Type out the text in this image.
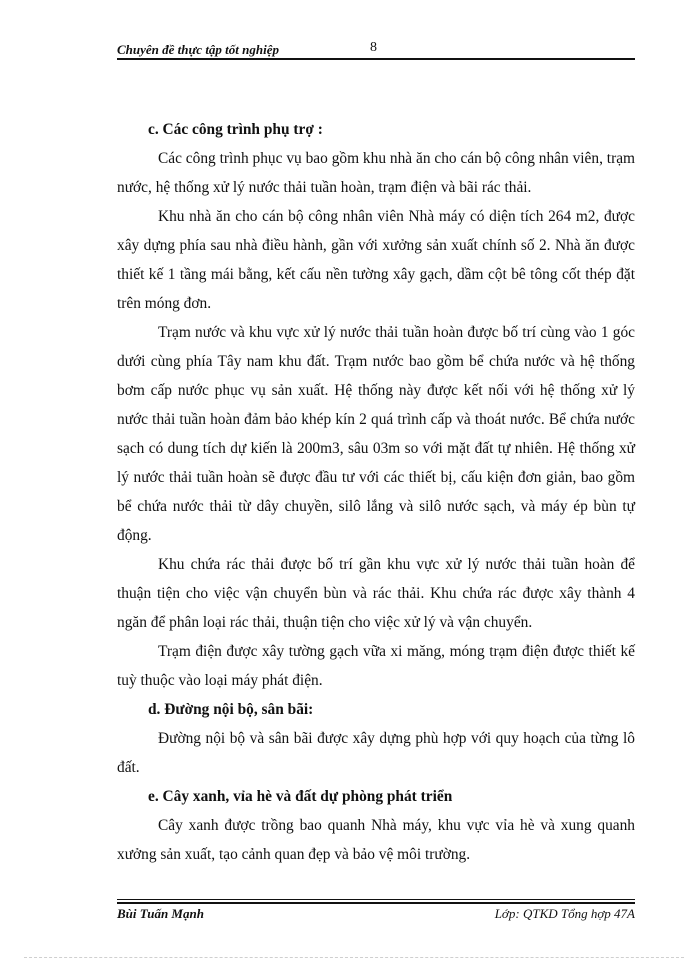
Chuyên đề thực tập tốt nghiệp	8

c. Các công trình phụ trợ :

Các công trình phục vụ bao gồm khu nhà ăn cho cán bộ công nhân viên, trạm nước, hệ thống xử lý nước thải tuần hoàn, trạm điện và bãi rác thải.

Khu nhà ăn cho cán bộ công nhân viên Nhà máy có diện tích 264 m2, được xây dựng phía sau nhà điều hành, gần với xưởng sản xuất chính số 2. Nhà ăn được thiết kế 1 tầng mái bằng, kết cấu nền tường xây gạch, dầm cột bê tông cốt thép đặt trên móng đơn.

Trạm nước và khu vực xử lý nước thải tuần hoàn được bố trí cùng vào 1 góc dưới cùng phía Tây nam khu đất. Trạm nước bao gồm bể chứa nước và hệ thống bơm cấp nước phục vụ sản xuất. Hệ thống này được kết nối với hệ thống xử lý nước thải tuần hoàn đảm bảo khép kín 2 quá trình cấp và thoát nước. Bể chứa nước sạch có dung tích dự kiến là 200m3, sâu 03m so với mặt đất tự nhiên. Hệ thống xử lý nước thải tuần hoàn sẽ được đầu tư với các thiết bị, cấu kiện đơn giản, bao gồm bể chứa nước thải từ dây chuyền, silô lắng và silô nước sạch, và máy ép bùn tự động.

Khu chứa rác thải được bố trí gần khu vực xử lý nước thải tuần hoàn để thuận tiện cho việc vận chuyển bùn và rác thải. Khu chứa rác được xây thành 4 ngăn để phân loại rác thải, thuận tiện cho việc xử lý và vận chuyển.

Trạm điện được xây tường gạch vữa xi măng, móng trạm điện được thiết kế tuỳ thuộc vào loại máy phát điện.

d. Đường nội bộ, sân bãi:

Đường nội bộ và sân bãi được xây dựng phù hợp với quy hoạch của từng lô đất.

e. Cây xanh, vỉa hè và đất dự phòng phát triển

Cây xanh được trồng bao quanh Nhà máy, khu vực vỉa hè và xung quanh xưởng sản xuất, tạo cảnh quan đẹp và bảo vệ môi trường.

Bùi Tuấn Mạnh	Lớp: QTKD Tổng hợp 47A
